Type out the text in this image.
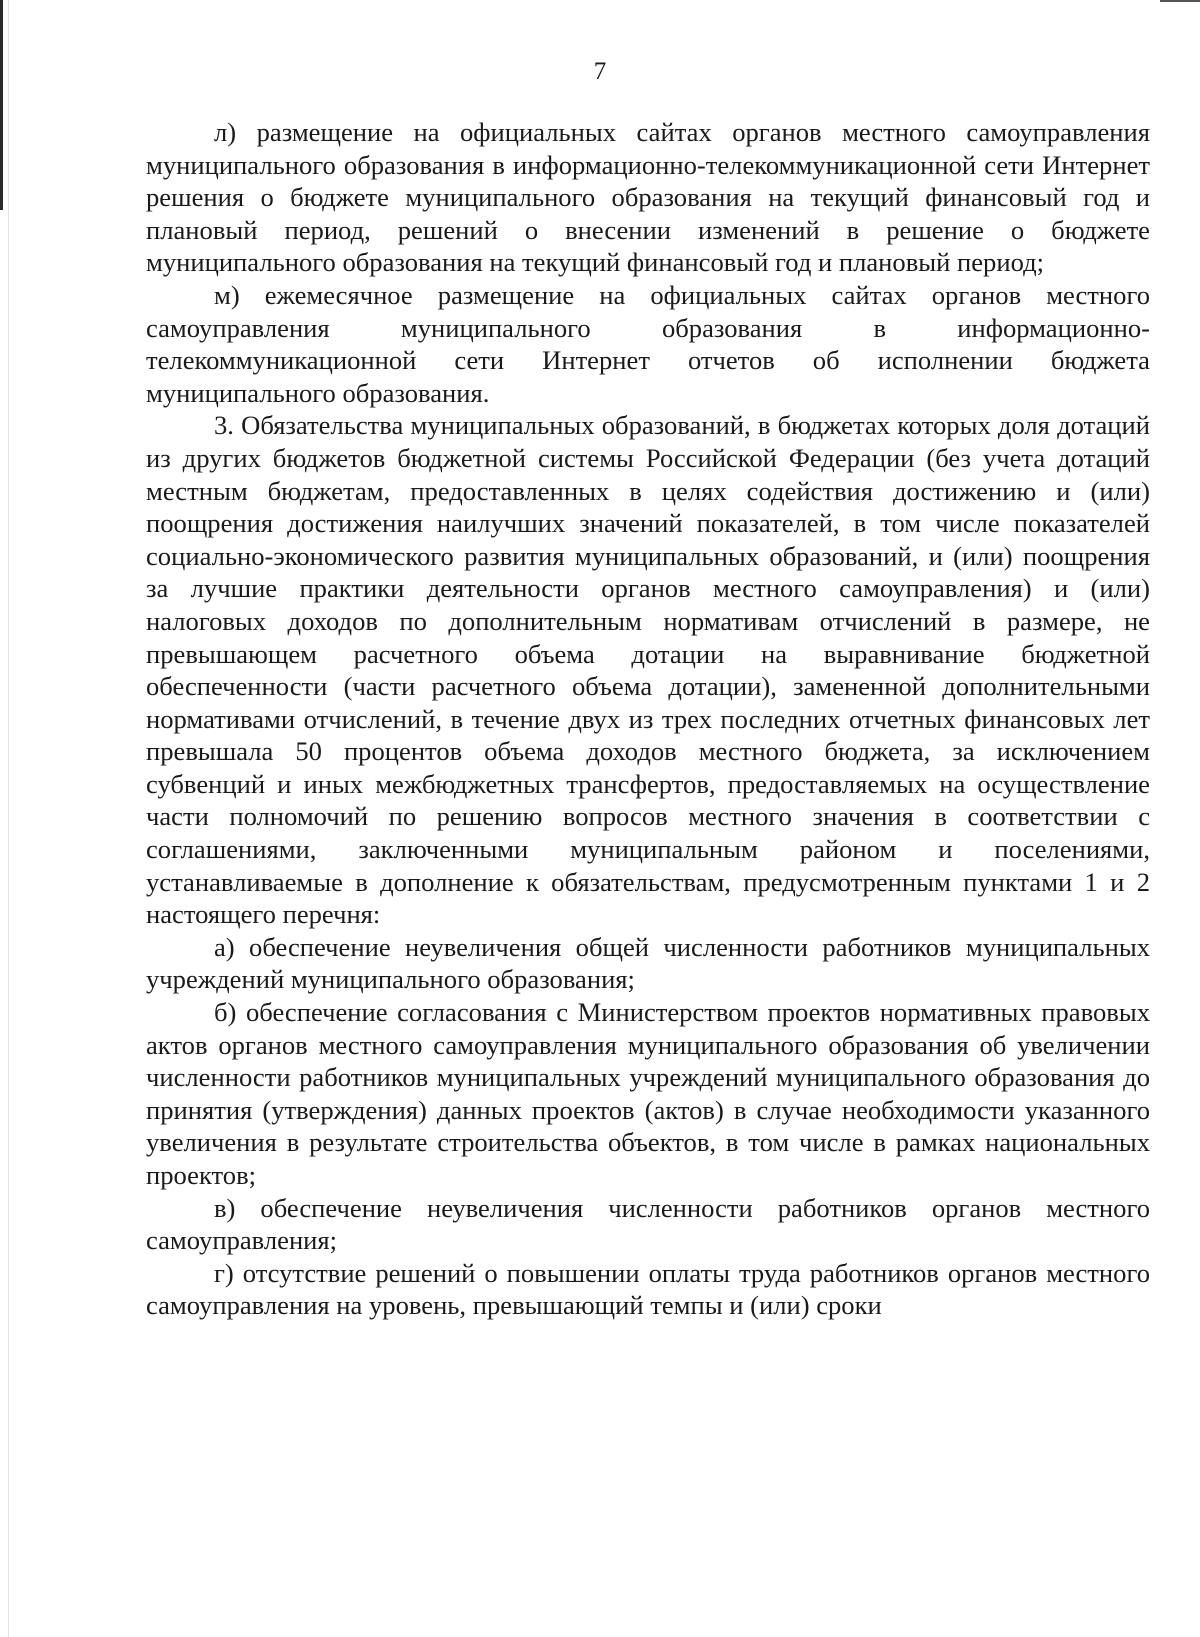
7

л) размещение на официальных сайтах органов местного самоуправления муниципального образования в информационно-телекоммуникационной сети Интернет решения о бюджете муниципального образования на текущий финансовый год и плановый период, решений о внесении изменений в решение о бюджете муниципального образования на текущий финансовый год и плановый период;

м) ежемесячное размещение на официальных сайтах органов местного самоуправления муниципального образования в информационно-телекоммуникационной сети Интернет отчетов об исполнении бюджета муниципального образования.

3. Обязательства муниципальных образований, в бюджетах которых доля дотаций из других бюджетов бюджетной системы Российской Федерации (без учета дотаций местным бюджетам, предоставленных в целях содействия достижению и (или) поощрения достижения наилучших значений показателей, в том числе показателей социально-экономического развития муниципальных образований, и (или) поощрения за лучшие практики деятельности органов местного самоуправления) и (или) налоговых доходов по дополнительным нормативам отчислений в размере, не превышающем расчетного объема дотации на выравнивание бюджетной обеспеченности (части расчетного объема дотации), замененной дополнительными нормативами отчислений, в течение двух из трех последних отчетных финансовых лет превышала 50 процентов объема доходов местного бюджета, за исключением субвенций и иных межбюджетных трансфертов, предоставляемых на осуществление части полномочий по решению вопросов местного значения в соответствии с соглашениями, заключенными муниципальным районом и поселениями, устанавливаемые в дополнение к обязательствам, предусмотренным пунктами 1 и 2 настоящего перечня:

а) обеспечение неувеличения общей численности работников муниципальных учреждений муниципального образования;

б) обеспечение согласования с Министерством проектов нормативных правовых актов органов местного самоуправления муниципального образования об увеличении численности работников муниципальных учреждений муниципального образования до принятия (утверждения) данных проектов (актов) в случае необходимости указанного увеличения в результате строительства объектов, в том числе в рамках национальных проектов;

в) обеспечение неувеличения численности работников органов местного самоуправления;

г) отсутствие решений о повышении оплаты труда работников органов местного самоуправления на уровень, превышающий темпы и (или) сроки
